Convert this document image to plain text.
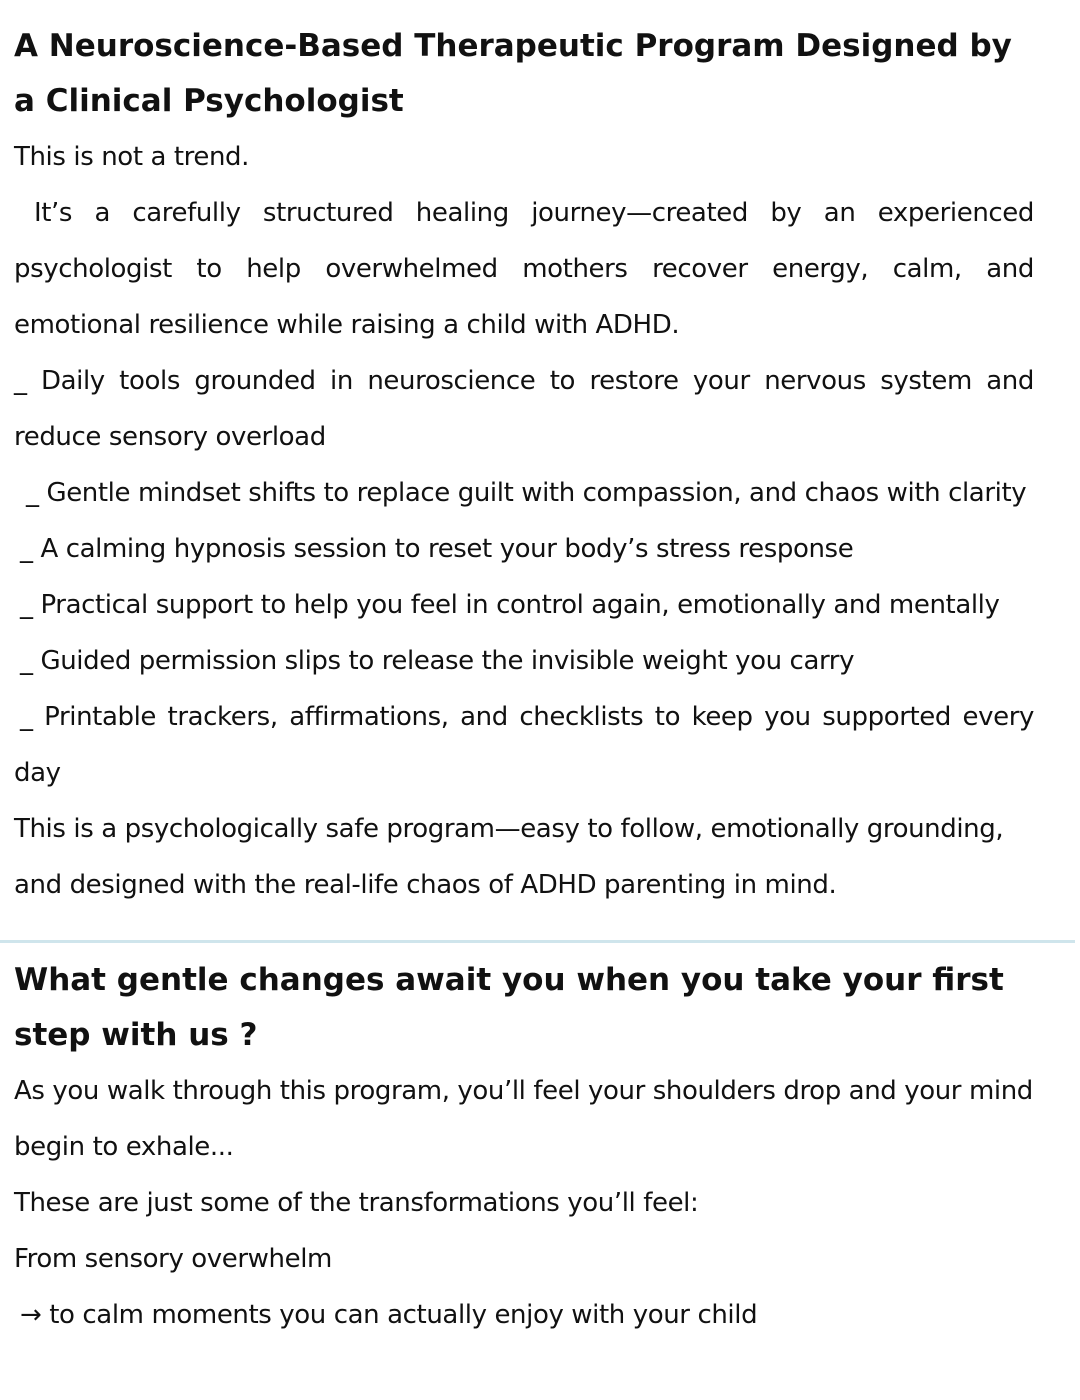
A Neuroscience-Based Therapeutic Program Designed by a Clinical Psychologist

This is not a trend.

It’s a carefully structured healing journey—created by an experienced psychologist to help overwhelmed mothers recover energy, calm, and emotional resilience while raising a child with ADHD.

_ Daily tools grounded in neuroscience to restore your nervous system and reduce sensory overload

_ Gentle mindset shifts to replace guilt with compassion, and chaos with clarity

_ A calming hypnosis session to reset your body’s stress response

_ Practical support to help you feel in control again, emotionally and mentally

_ Guided permission slips to release the invisible weight you carry

_ Printable trackers, affirmations, and checklists to keep you supported every day

This is a psychologically safe program—easy to follow, emotionally grounding, and designed with the real-life chaos of ADHD parenting in mind.

What gentle changes await you when you take your first step with us ?

As you walk through this program, you’ll feel your shoulders drop and your mind begin to exhale...

These are just some of the transformations you’ll feel:

From sensory overwhelm

→ to calm moments you can actually enjoy with your child
